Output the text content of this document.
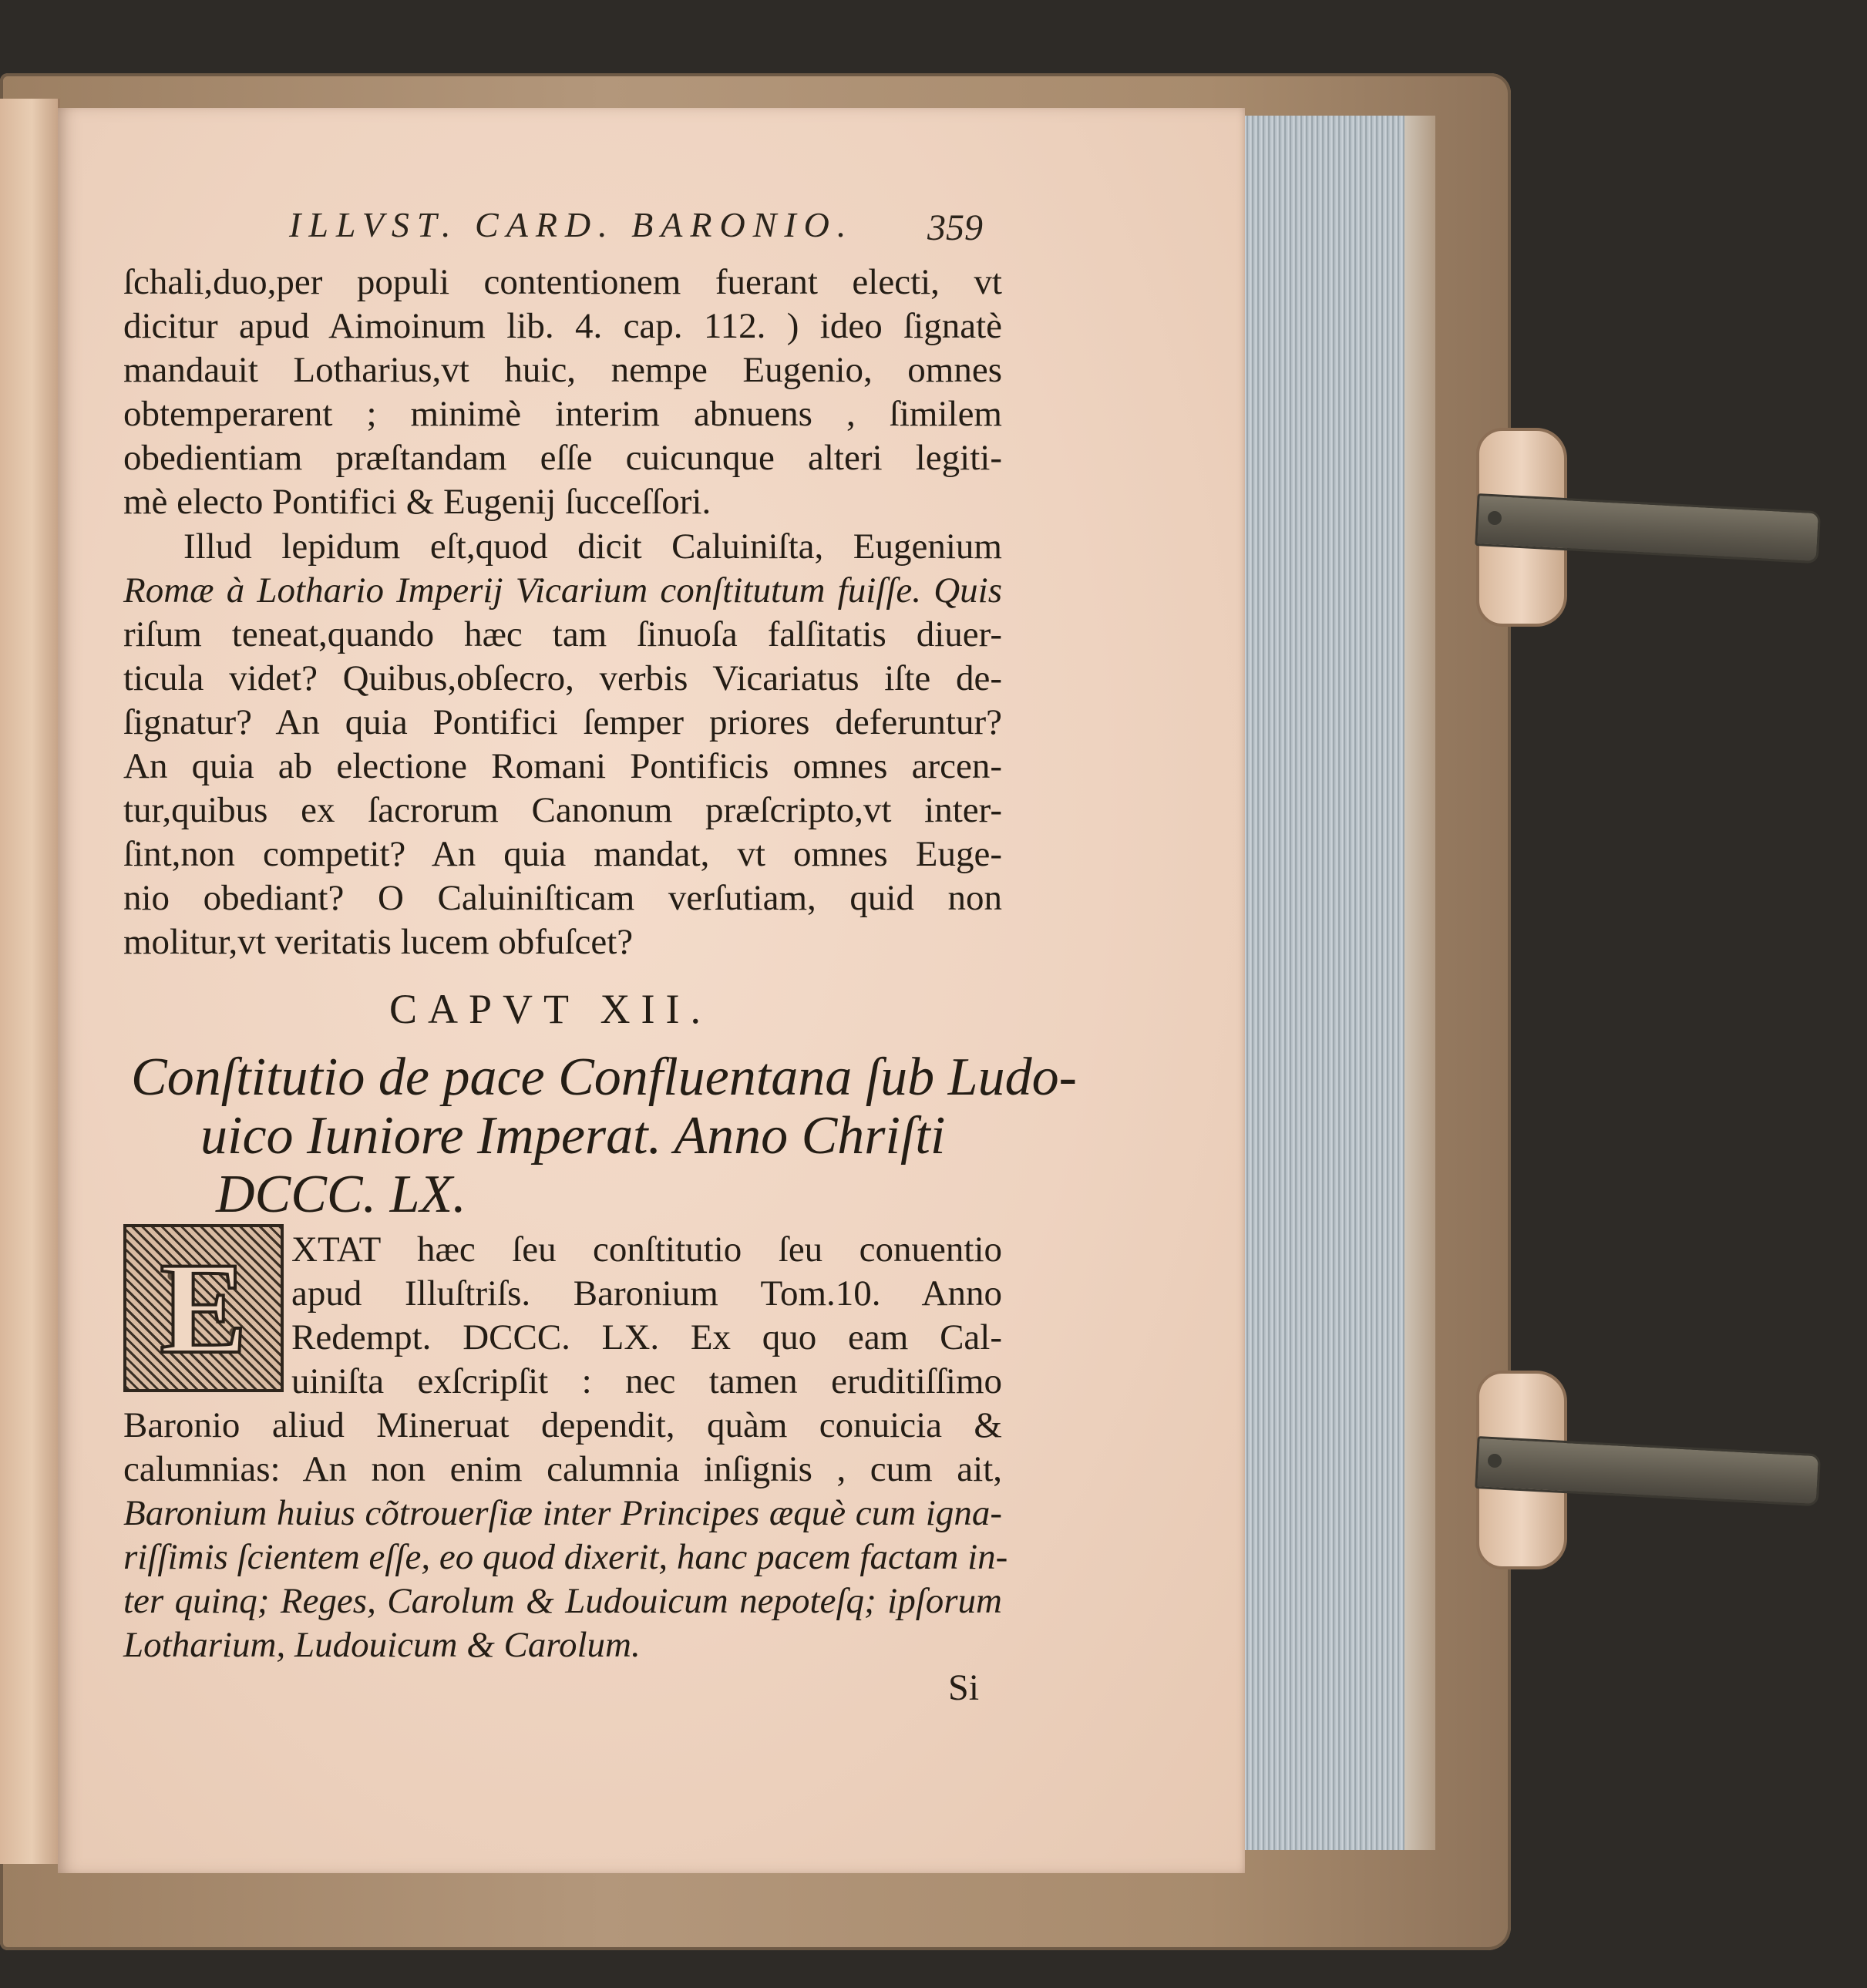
ILLVST. CARD. BARONIO. 359
ſchali,duo,per populi contentionem fuerant electi, vt
dicitur apud Aimoinum lib. 4. cap. 112. ) ideo ſignatè
mandauit Lotharius,vt huic, nempe Eugenio, omnes
obtemperarent ; minimè interim abnuens , ſimilem
obedientiam præſtandam eſſe cuicunque alteri legiti-
mè electo Pontifici & Eugenij ſucceſſori.
Illud lepidum eſt,quod dicit Caluiniſta, Eugenium
Romæ à Lothario Imperij Vicarium conſtitutum fuiſſe. Quis
riſum teneat,quando hæc tam ſinuoſa falſitatis diuer-
ticula videt? Quibus,obſecro, verbis Vicariatus iſte de-
ſignatur? An quia Pontifici ſemper priores deferuntur?
An quia ab electione Romani Pontificis omnes arcen-
tur,quibus ex ſacrorum Canonum præſcripto,vt inter-
ſint,non competit? An quia mandat, vt omnes Euge-
nio obediant? O Caluiniſticam verſutiam, quid non
molitur,vt veritatis lucem obfuſcet?
CAPVT XII.
Conſtitutio de pace Confluentana ſub Ludo-
uico Iuniore Imperat. Anno Chriſti
DCCC. LX.
E XTAT hæc ſeu conſtitutio ſeu conuentio
apud Illuſtriſs. Baronium Tom.10. Anno
Redempt. DCCC. LX. Ex quo eam Cal-
uiniſta exſcripſit : nec tamen eruditiſſimo
Baronio aliud Mineruat dependit, quàm conuicia &
calumnias: An non enim calumnia inſignis , cum ait,
Baronium huius cõtrouerſiæ inter Principes æquè cum igna-
riſſimis ſcientem eſſe, eo quod dixerit, hanc pacem factam in-
ter quinq; Reges, Carolum & Ludouicum nepoteſq; ipſorum
Lotharium, Ludouicum & Carolum.
Si
